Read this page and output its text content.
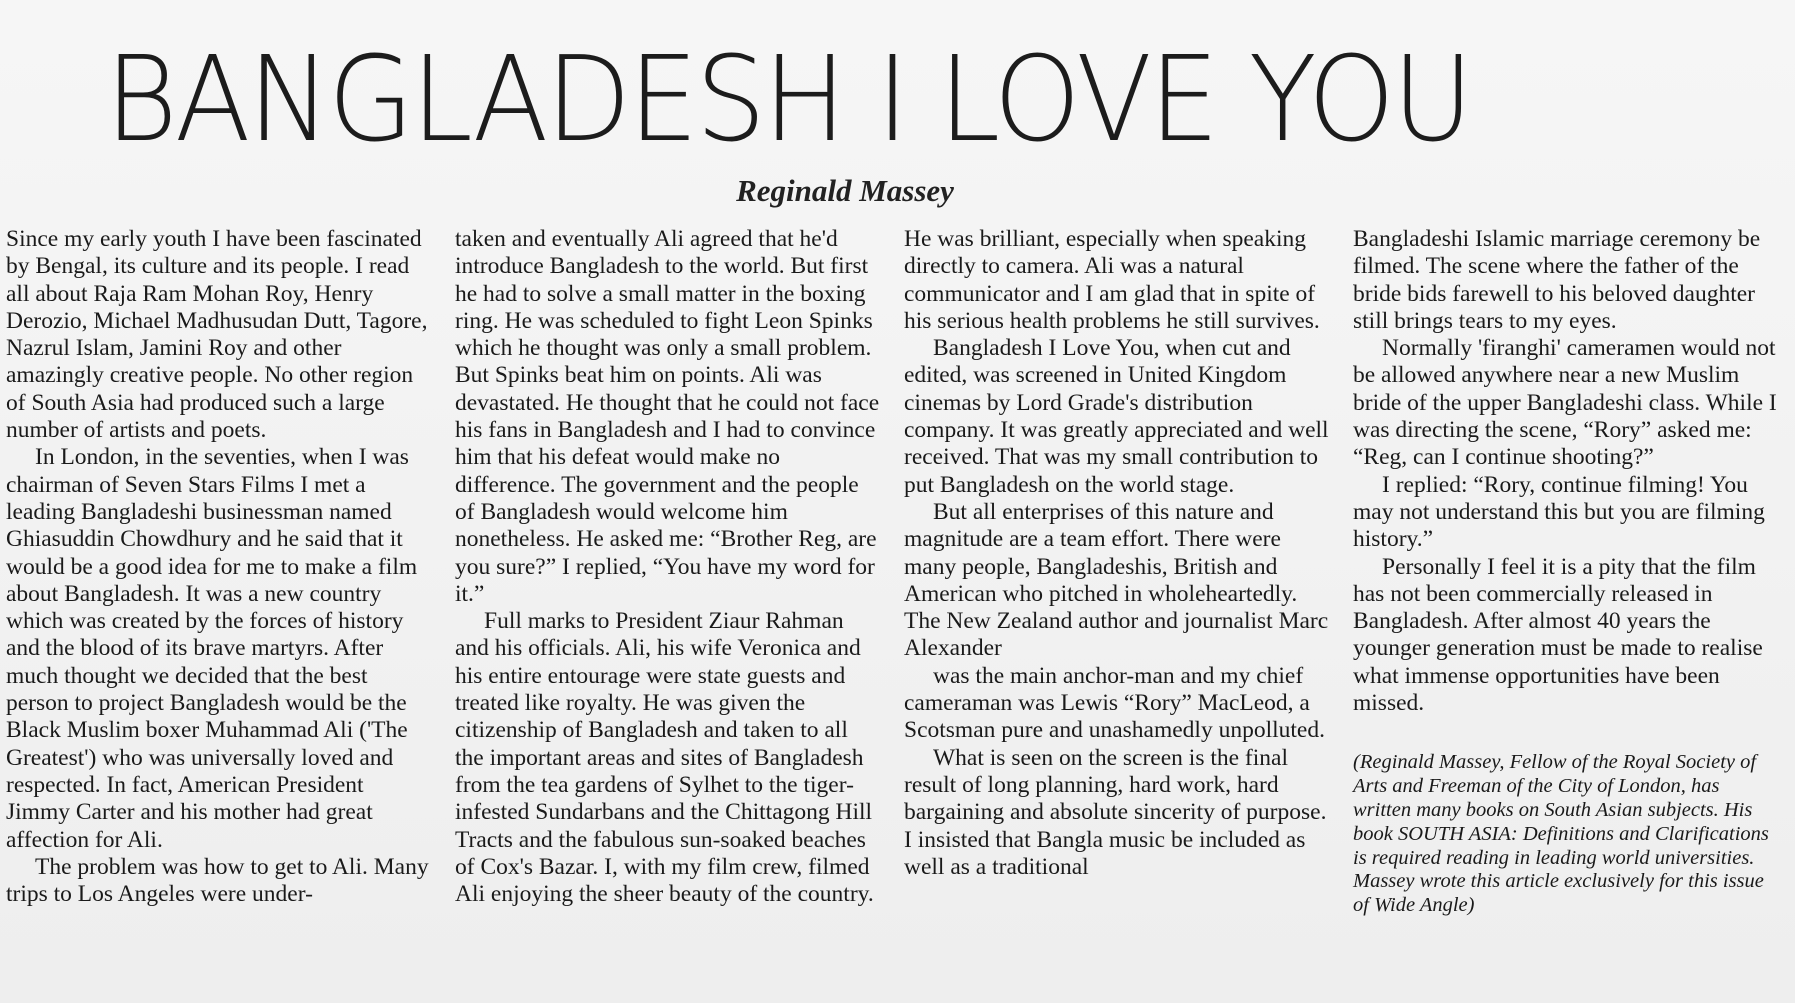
BANGLADESH I LOVE YOU
Reginald Massey

Since my early youth I have been fascinated by Bengal, its culture and its people. I read all about Raja Ram Mohan Roy, Henry Derozio, Michael Madhusudan Dutt, Tagore, Nazrul Islam, Jamini Roy and other amazingly creative people. No other region of South Asia had produced such a large number of artists and poets.

In London, in the seventies, when I was chairman of Seven Stars Films I met a leading Bangladeshi businessman named Ghiasuddin Chowdhury and he said that it would be a good idea for me to make a film about Bangladesh. It was a new country which was created by the forces of history and the blood of its brave martyrs. After much thought we decided that the best person to project Bangladesh would be the Black Muslim boxer Muhammad Ali ('The Greatest') who was universally loved and respected. In fact, American President Jimmy Carter and his mother had great affection for Ali.

The problem was how to get to Ali. Many trips to Los Angeles were under-

taken and eventually Ali agreed that he'd introduce Bangladesh to the world. But first he had to solve a small matter in the boxing ring. He was scheduled to fight Leon Spinks which he thought was only a small problem. But Spinks beat him on points. Ali was devastated. He thought that he could not face his fans in Bangladesh and I had to convince him that his defeat would make no difference. The government and the people of Bangladesh would welcome him nonetheless. He asked me: “Brother Reg, are you sure?” I replied, “You have my word for it.”

Full marks to President Ziaur Rahman and his officials. Ali, his wife Veronica and his entire entourage were state guests and treated like royalty. He was given the citizenship of Bangladesh and taken to all the important areas and sites of Bangladesh from the tea gardens of Sylhet to the tiger-infested Sundarbans and the Chittagong Hill Tracts and the fabulous sun-soaked beaches of Cox's Bazar. I, with my film crew, filmed Ali enjoying the sheer beauty of the country.

He was brilliant, especially when speaking directly to camera. Ali was a natural communicator and I am glad that in spite of his serious health problems he still survives.

Bangladesh I Love You, when cut and edited, was screened in United Kingdom cinemas by Lord Grade's distribution company. It was greatly appreciated and well received. That was my small contribution to put Bangladesh on the world stage.

But all enterprises of this nature and magnitude are a team effort. There were many people, Bangladeshis, British and American who pitched in wholeheartedly. The New Zealand author and journalist Marc Alexander

was the main anchor-man and my chief cameraman was Lewis “Rory” MacLeod, a Scotsman pure and unashamedly unpolluted.

What is seen on the screen is the final result of long planning, hard work, hard bargaining and absolute sincerity of purpose. I insisted that Bangla music be included as well as a traditional

Bangladeshi Islamic marriage ceremony be filmed. The scene where the father of the bride bids farewell to his beloved daughter still brings tears to my eyes.

Normally 'firanghi' cameramen would not be allowed anywhere near a new Muslim bride of the upper Bangladeshi class. While I was directing the scene, “Rory” asked me: “Reg, can I continue shooting?”

I replied: “Rory, continue filming! You may not understand this but you are filming history.”

Personally I feel it is a pity that the film has not been commercially released in Bangladesh. After almost 40 years the younger generation must be made to realise what immense opportunities have been missed.

(Reginald Massey, Fellow of the Royal Society of Arts and Freeman of the City of London, has written many books on South Asian subjects. His book SOUTH ASIA: Definitions and Clarifications is required reading in leading world universities. Massey wrote this article exclusively for this issue of Wide Angle)
